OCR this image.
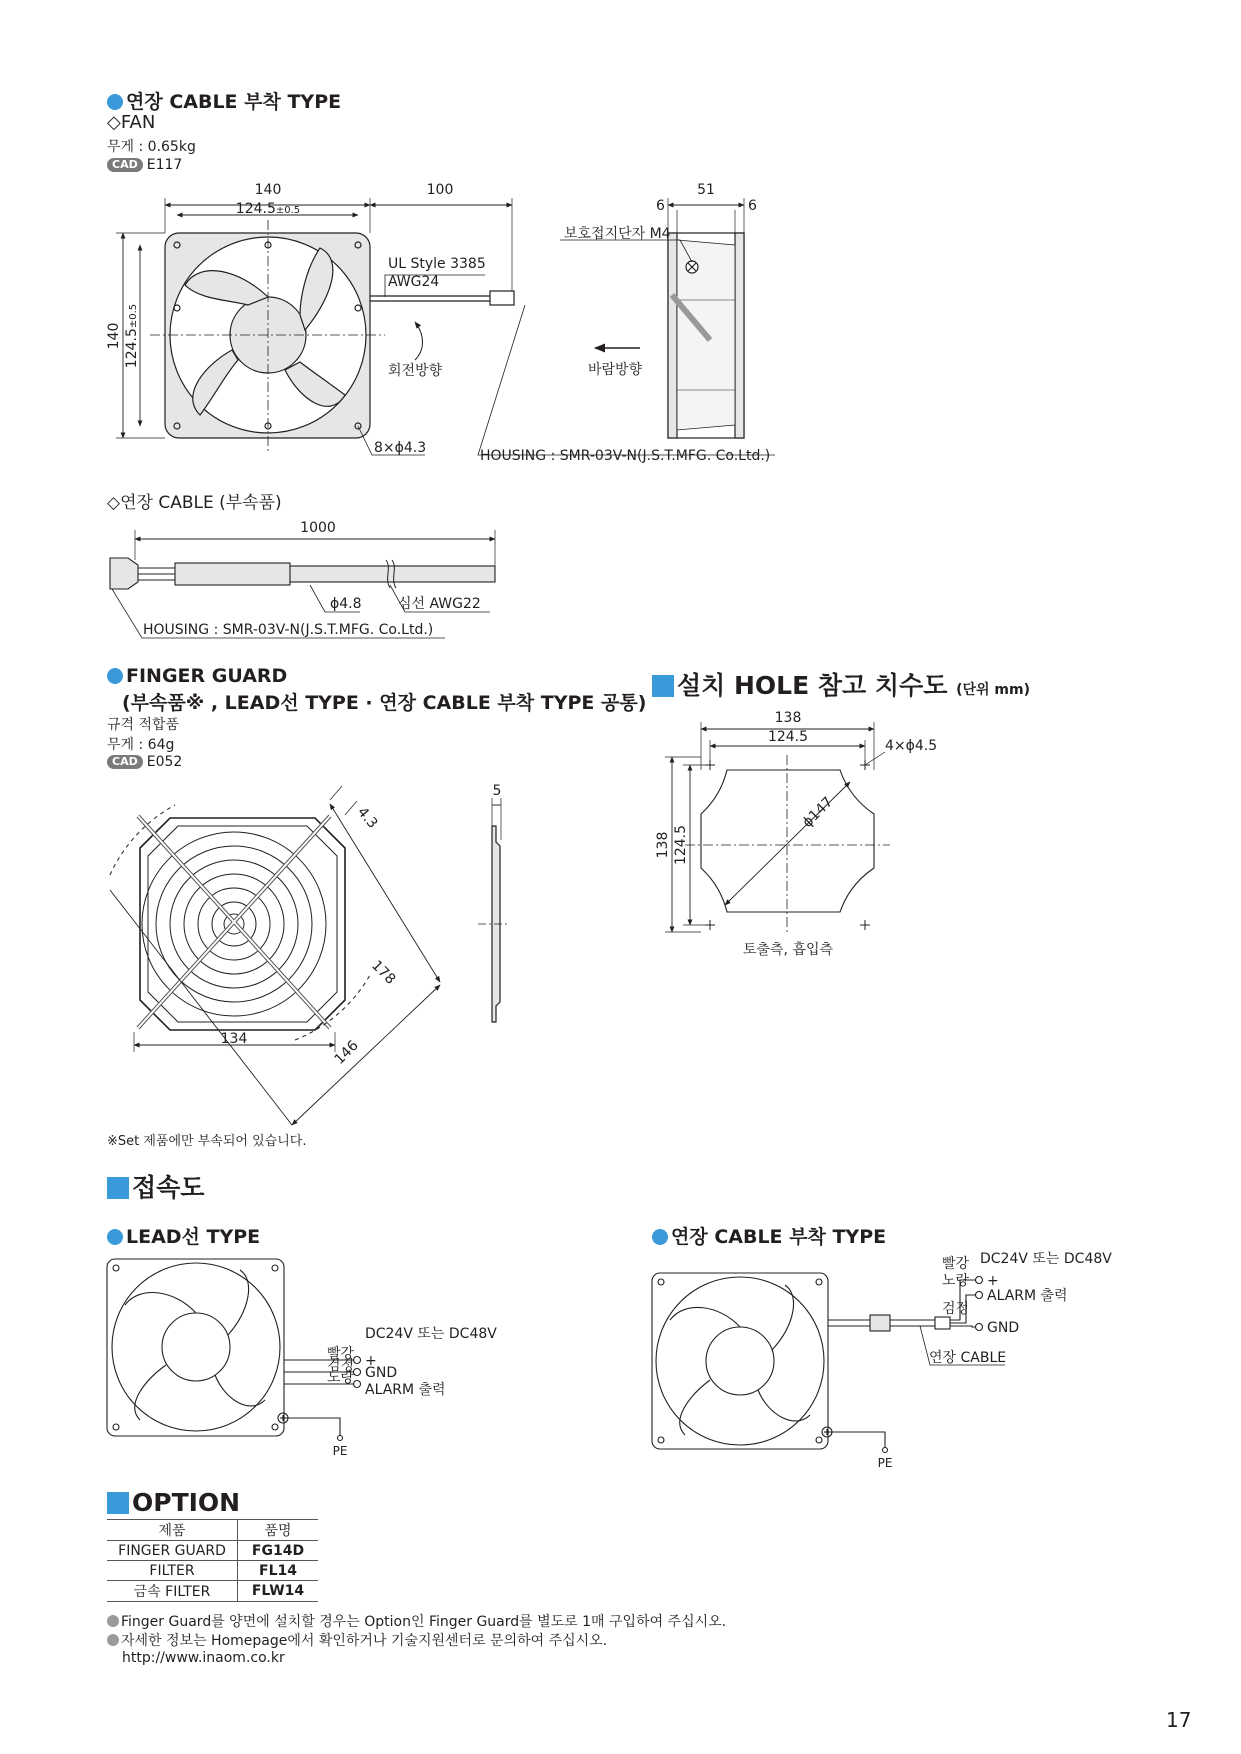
연장 CABLE 부착 TYPE
◇FAN
무게 : 0.65kg
CAD E117
140
124.5±0.5
100
140 124.5±0.5
UL Style 3385
AWG24
회전방향
8×ϕ4.3	HOUSING : SMR-03V-N(J.S.T.MFG. Co.Ltd.)
51
6	6
보호접지단자 M4
바람방향
1000
ϕ4.8	심선 AWG22
HOUSING : SMR-03V-N(J.S.T.MFG. Co.Ltd.)
5
4.3
178
134	146
138
124.5
4×ϕ4.5
ϕ147
138 124.5
토출측, 흡입측
DC24V 또는 DC48V
빨강
검정
노랑
+
GND
ALARM 출력
PE
DC24V 또는 DC48V
빨강
노랑
검정
+
ALARM 출력
GND
연장 CABLE
PE
◇연장 CABLE (부속품)
FINGER GUARD
(부속품※ , LEAD선 TYPE · 연장 CABLE 부착 TYPE 공통)
규격 적합품
무게 : 64g
CAD E052
※Set 제품에만 부속되어 있습니다.
설치 HOLE 참고 치수도 (단위 mm)
접속도
LEAD선 TYPE	연장 CABLE 부착 TYPE
OPTION
제품	품명
FINGER GUARD	FG14D
FILTER	FL14
금속 FILTER	FLW14
Finger Guard를 양면에 설치할 경우는 Option인 Finger Guard를 별도로 1매 구입하여 주십시오.
자세한 정보는 Homepage에서 확인하거나 기술지원센터로 문의하여 주십시오.
http://www.inaom.co.kr
17
